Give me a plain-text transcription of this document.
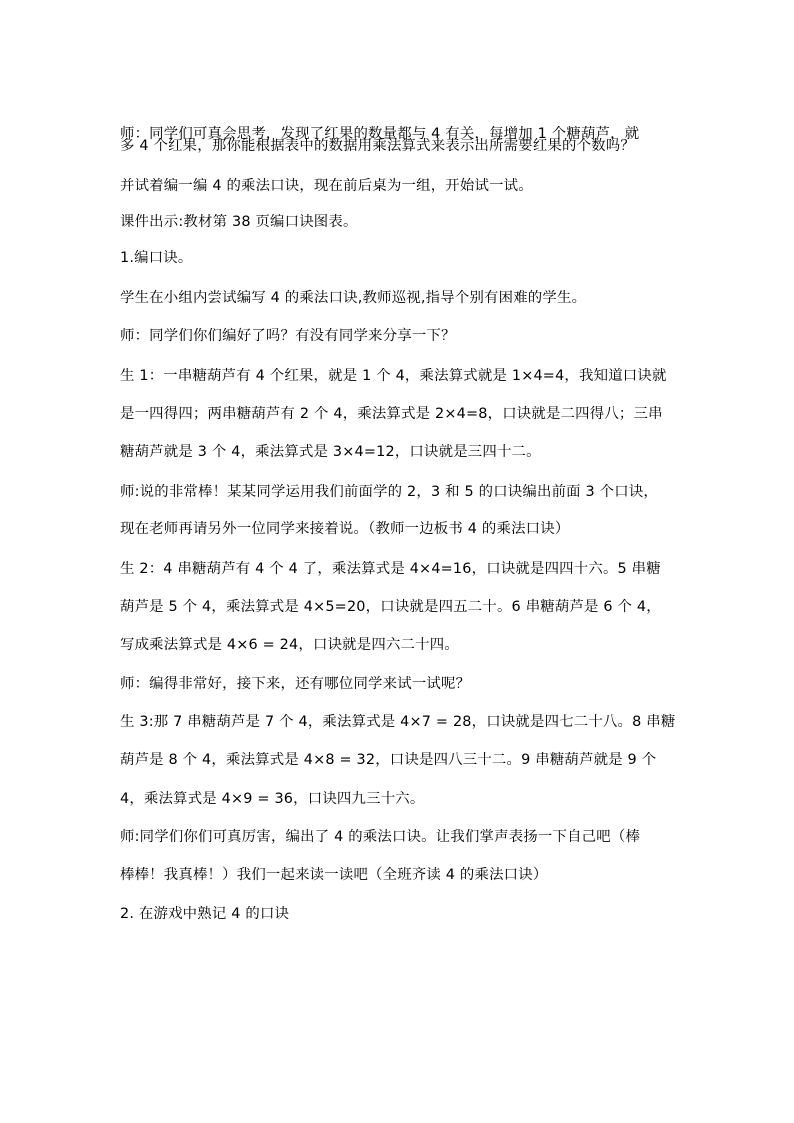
师：同学们可真会思考，发现了红果的数量都与 4 有关，每增加 1 个糖葫芦，就
多 4 个红果，那你能根据表中的数据用乘法算式来表示出所需要红果的个数吗？
并试着编一编 4 的乘法口诀，现在前后桌为一组，开始试一试。
课件出示:教材第 38 页编口诀图表。
1.编口诀。
学生在小组内尝试编写 4 的乘法口诀,教师巡视,指导个别有困难的学生。
师：同学们你们编好了吗？有没有同学来分享一下？
生 1：一串糖葫芦有 4 个红果，就是 1 个 4，乘法算式就是 1×4=4，我知道口诀就
是一四得四；两串糖葫芦有 2 个 4，乘法算式是 2×4=8，口诀就是二四得八；三串
糖葫芦就是 3 个 4，乘法算式是 3×4=12，口诀就是三四十二。
师:说的非常棒！某某同学运用我们前面学的 2，3 和 5 的口诀编出前面 3 个口诀，
现在老师再请另外一位同学来接着说。（教师一边板书 4 的乘法口诀）
生 2：4 串糖葫芦有 4 个 4 了，乘法算式是 4×4=16，口诀就是四四十六。5 串糖
葫芦是 5 个 4，乘法算式是 4×5=20，口诀就是四五二十。6 串糖葫芦是 6 个 4，
写成乘法算式是 4×6 = 24，口诀就是四六二十四。
师：编得非常好，接下来，还有哪位同学来试一试呢？
生 3:那 7 串糖葫芦是 7 个 4，乘法算式是 4×7 = 28，口诀就是四七二十八。8 串糖
葫芦是 8 个 4，乘法算式是 4×8 = 32，口诀是四八三十二。9 串糖葫芦就是 9 个
4，乘法算式是 4×9 = 36，口诀四九三十六。
师:同学们你们可真厉害，编出了 4 的乘法口诀。让我们掌声表扬一下自己吧（棒
棒棒！我真棒！）我们一起来读一读吧（全班齐读 4 的乘法口诀）
2. 在游戏中熟记 4 的口诀
